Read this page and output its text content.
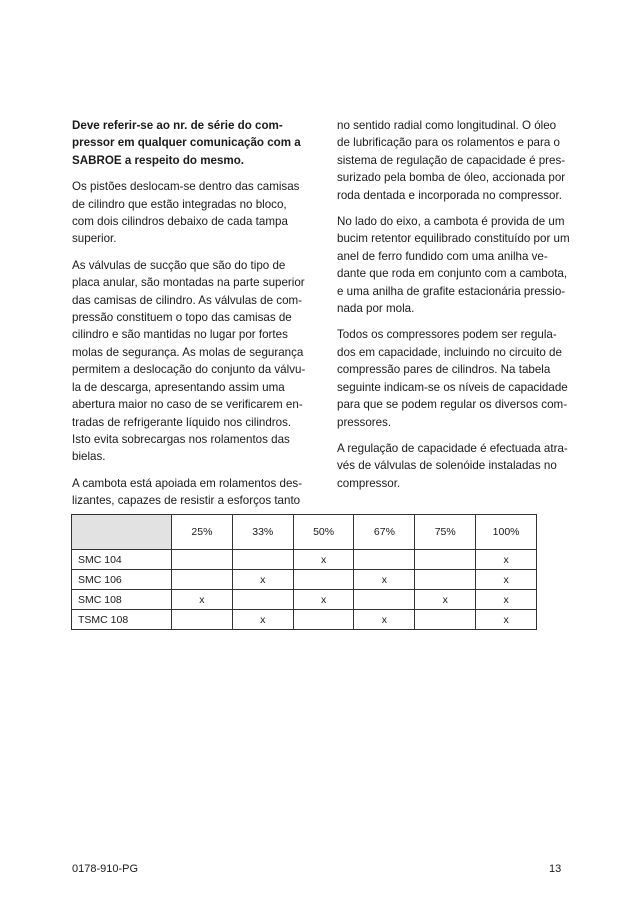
Deve referir-se ao nr. de série do com-
pressor em qualquer comunicação com a
SABROE a respeito do mesmo.

Os pistões deslocam-se dentro das camisas
de cilindro que estão integradas no bloco,
com dois cilindros debaixo de cada tampa
superior.

As válvulas de sucção que são do tipo de
placa anular, são montadas na parte superior
das camisas de cilindro. As válvulas de com-
pressão constituem o topo das camisas de
cilindro e são mantidas no lugar por fortes
molas de segurança. As molas de segurança
permitem a deslocação do conjunto da válvu-
la de descarga, apresentando assim uma
abertura maior no caso de se verificarem en-
tradas de refrigerante líquido nos cilindros.
Isto evita sobrecargas nos rolamentos das
bielas.

A cambota está apoiada em rolamentos des-
lizantes, capazes de resistir a esforços tanto

no sentido radial como longitudinal. O óleo
de lubrificação para os rolamentos e para o
sistema de regulação de capacidade é pres-
surizado pela bomba de óleo, accionada por
roda dentada e incorporada no compressor.

No lado do eixo, a cambota é provida de um
bucim retentor equilibrado constituído por um
anel de ferro fundido com uma anilha ve-
dante que roda em conjunto com a cambota,
e uma anilha de grafite estacionária pressio-
nada por mola.

Todos os compressores podem ser regula-
dos em capacidade, incluindo no circuito de
compressão pares de cilindros. Na tabela
seguinte indicam-se os níveis de capacidade
para que se podem regular os diversos com-
pressores.

A regulação de capacidade é efectuada atra-
vés de válvulas de solenóide instaladas no
compressor.

	25%	33%	50%	67%	75%	100%
SMC 104			x			x
SMC 106		x		x		x
SMC 108	x		x		x	x
TSMC 108		x		x		x
0178-910-PG	13
